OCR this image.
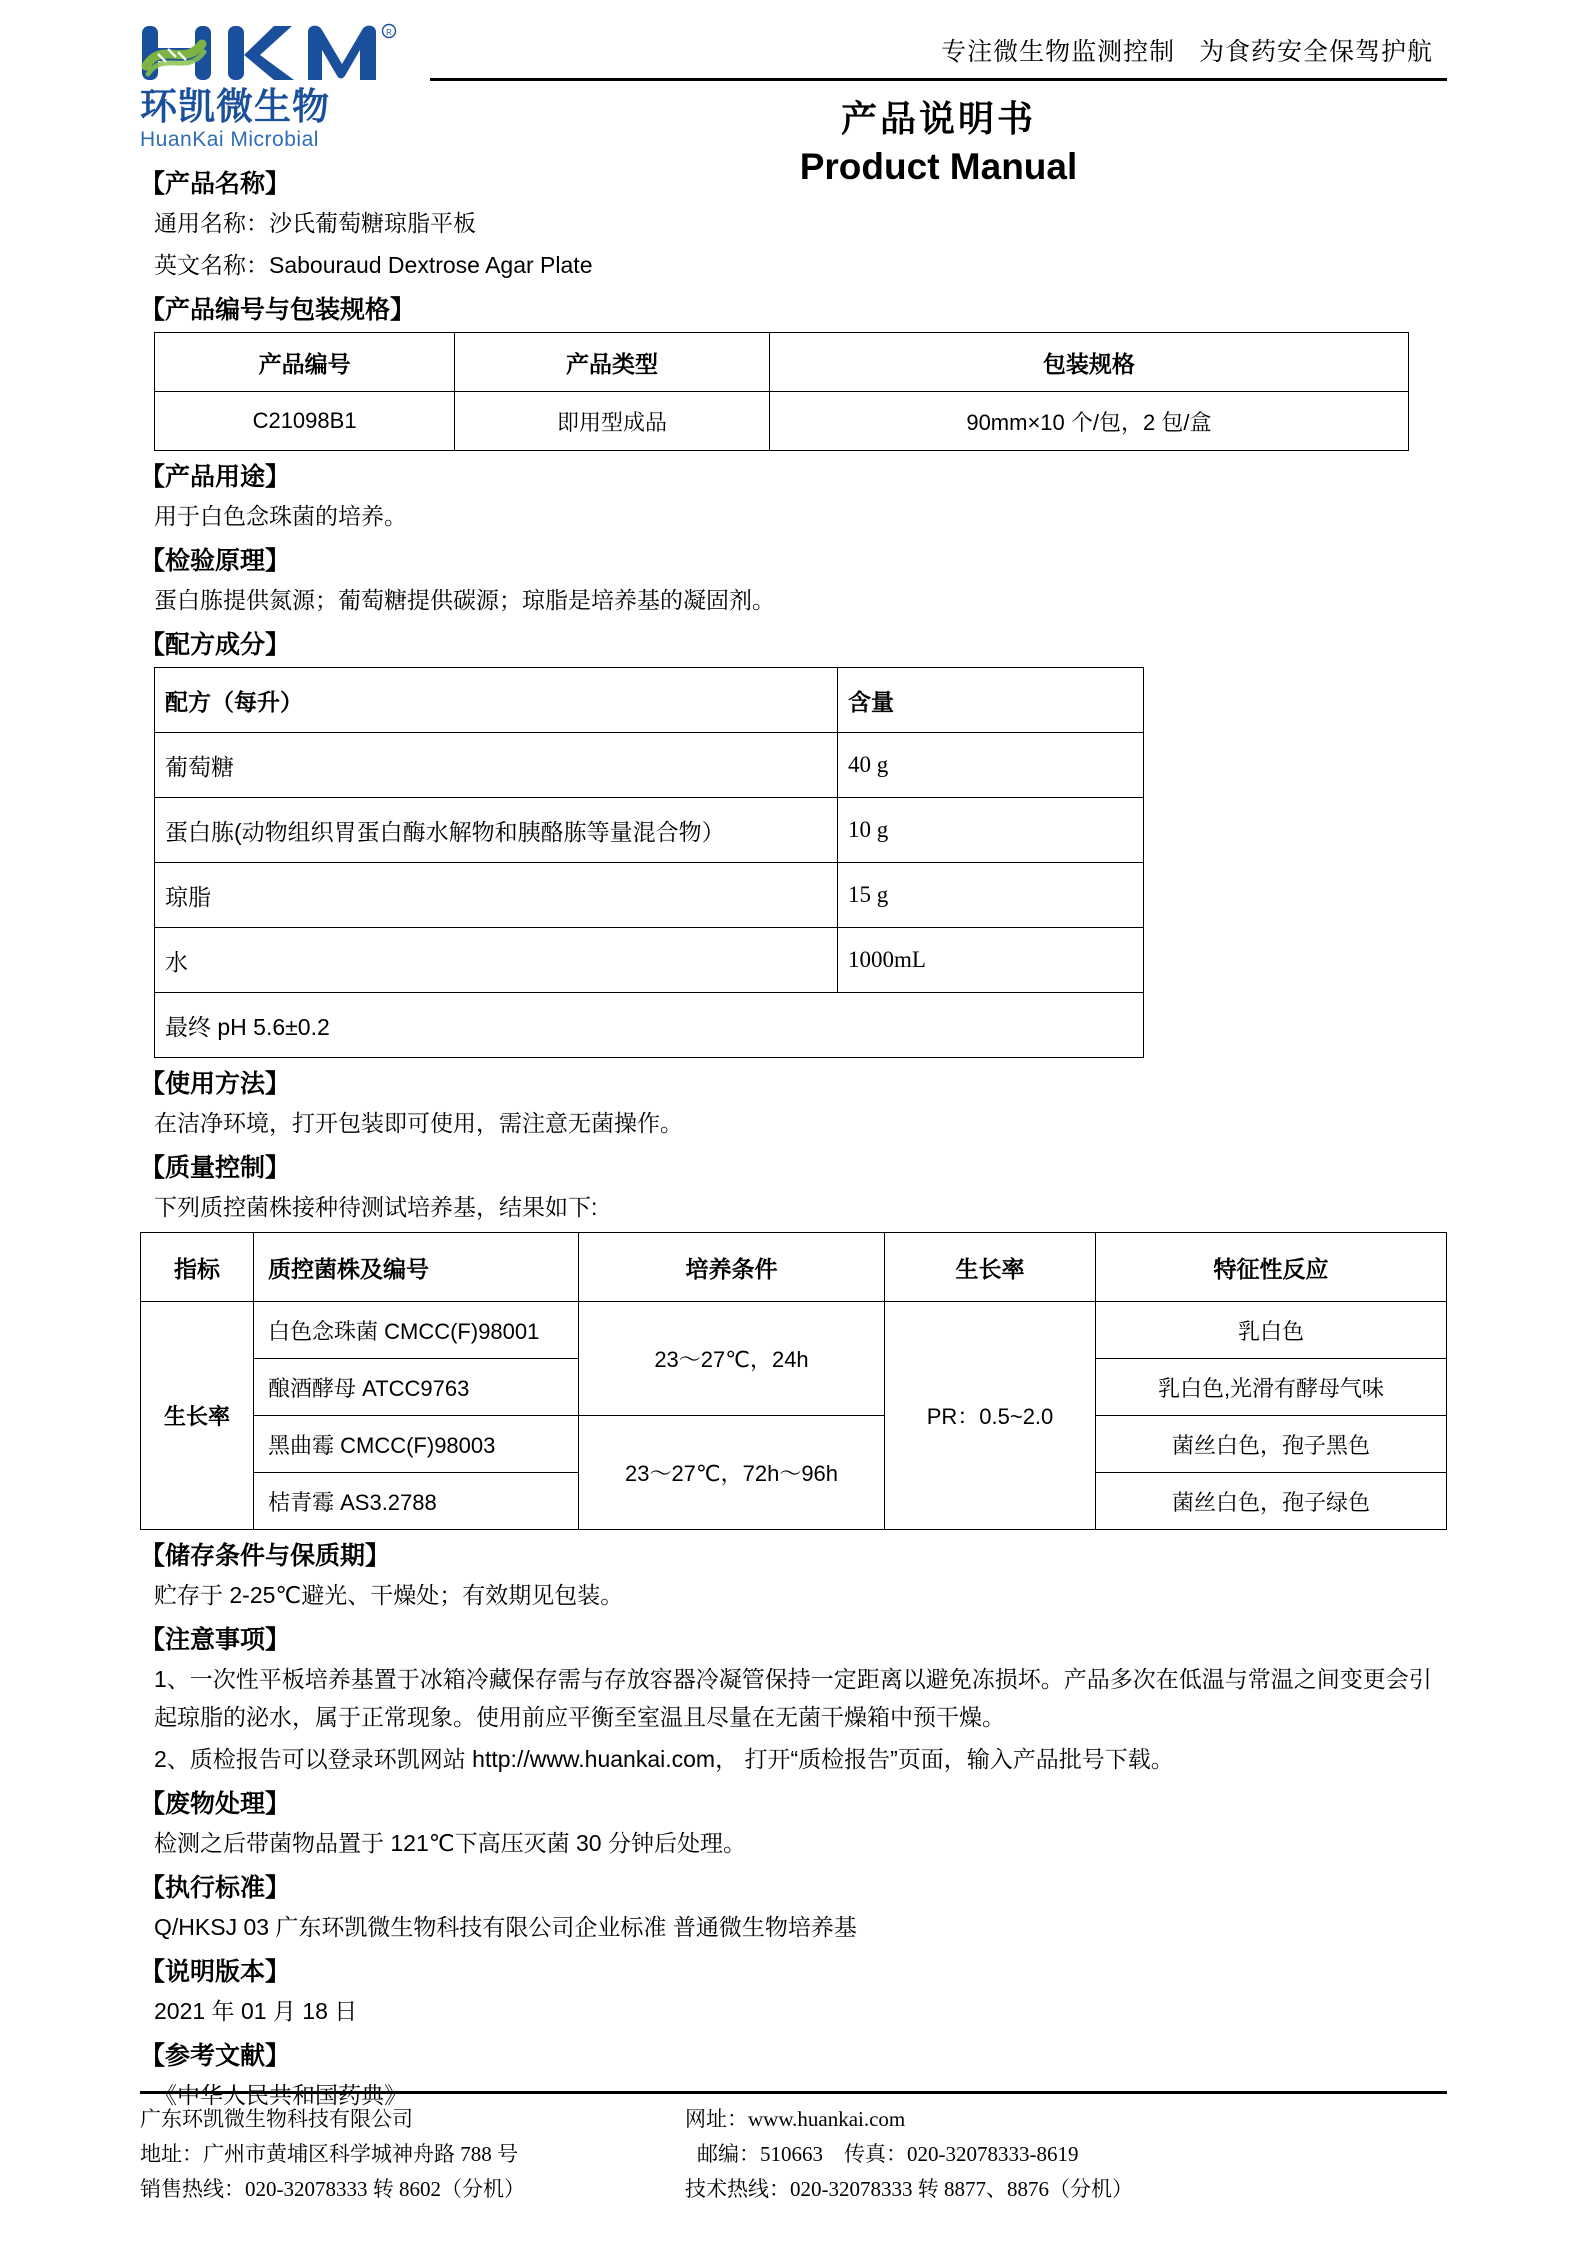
R
环凯微生物
HuanKai Microbial
专注微生物监测控制   为食药安全保驾护航
产品说明书
Product Manual
【产品名称】
通用名称：沙氏葡萄糖琼脂平板
英文名称：Sabouraud Dextrose Agar Plate
【产品编号与包装规格】
产品编号	产品类型	包装规格
C21098B1	即用型成品	90mm×10 个/包，2 包/盒
【产品用途】
用于白色念珠菌的培养。
【检验原理】
蛋白胨提供氮源；葡萄糖提供碳源；琼脂是培养基的凝固剂。
【配方成分】
配方（每升）	含量
葡萄糖	40 g
蛋白胨(动物组织胃蛋白酶水解物和胰酪胨等量混合物）	10 g
琼脂	15 g
水	1000mL
最终 pH 5.6±0.2	
【使用方法】
在洁净环境，打开包装即可使用，需注意无菌操作。
【质量控制】
下列质控菌株接种待测试培养基，结果如下:
指标	质控菌株及编号	培养条件	生长率	特征性反应
生长率	白色念珠菌 CMCC(F)98001	23～27℃，24h	PR：0.5~2.0	乳白色
	酿酒酵母 ATCC9763			乳白色,光滑有酵母气味
	黑曲霉 CMCC(F)98003	23～27℃，72h～96h		菌丝白色，孢子黑色
	桔青霉 AS3.2788			菌丝白色，孢子绿色
【储存条件与保质期】
贮存于 2-25℃避光、干燥处；有效期见包装。
【注意事项】
1、一次性平板培养基置于冰箱冷藏保存需与存放容器冷凝管保持一定距离以避免冻损坏。产品多次在低温与常温之间变更会引起琼脂的泌水，属于正常现象。使用前应平衡至室温且尽量在无菌干燥箱中预干燥。
2、质检报告可以登录环凯网站 http://www.huankai.com， 打开“质检报告”页面，输入产品批号下载。
【废物处理】
检测之后带菌物品置于 121℃下高压灭菌 30 分钟后处理。
【执行标准】
Q/HKSJ 03 广东环凯微生物科技有限公司企业标准 普通微生物培养基
【说明版本】
2021 年 01 月 18 日
【参考文献】
《中华人民共和国药典》
广东环凯微生物科技有限公司
地址：广州市黄埔区科学城神舟路 788 号
销售热线：020-32078333 转 8602（分机）
网址：www.huankai.com
邮编：510663    传真：020-32078333-8619
技术热线：020-32078333 转 8877、8876（分机）
